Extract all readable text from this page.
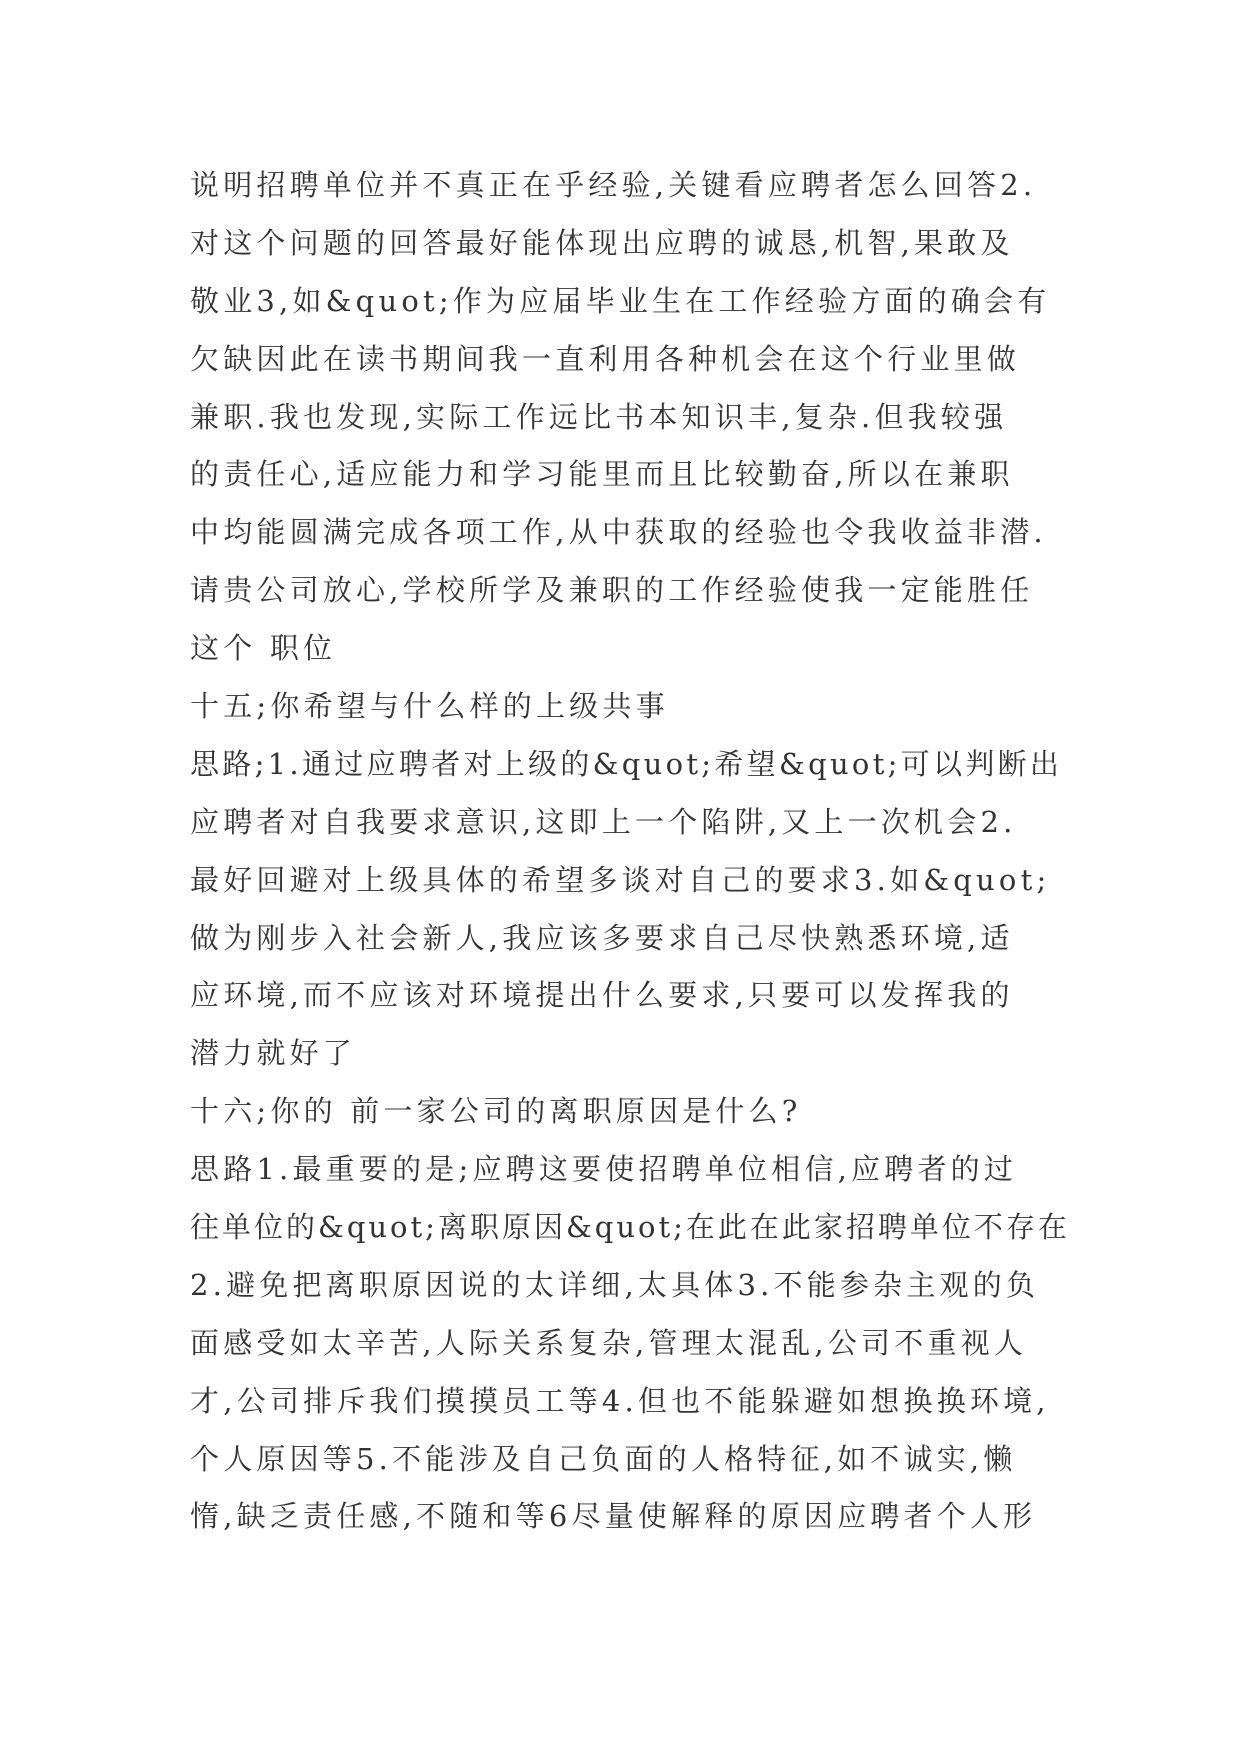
说明招聘单位并不真正在乎经验,关键看应聘者怎么回答2.
对这个问题的回答最好能体现出应聘的诚恳,机智,果敢及
敬业3,如&quot;作为应届毕业生在工作经验方面的确会有
欠缺因此在读书期间我一直利用各种机会在这个行业里做
兼职.我也发现,实际工作远比书本知识丰,复杂.但我较强
的责任心,适应能力和学习能里而且比较勤奋,所以在兼职
中均能圆满完成各项工作,从中获取的经验也令我收益非潜.
请贵公司放心,学校所学及兼职的工作经验使我一定能胜任
这个 职位
十五;你希望与什么样的上级共事
思路;1.通过应聘者对上级的&quot;希望&quot;可以判断出
应聘者对自我要求意识,这即上一个陷阱,又上一次机会2.
最好回避对上级具体的希望多谈对自己的要求3.如&quot;
做为刚步入社会新人,我应该多要求自己尽快熟悉环境,适
应环境,而不应该对环境提出什么要求,只要可以发挥我的
潜力就好了
十六;你的 前一家公司的离职原因是什么?
思路1.最重要的是;应聘这要使招聘单位相信,应聘者的过
往单位的&quot;离职原因&quot;在此在此家招聘单位不存在
2.避免把离职原因说的太详细,太具体3.不能参杂主观的负
面感受如太辛苦,人际关系复杂,管理太混乱,公司不重视人
才,公司排斥我们摸摸员工等4.但也不能躲避如想换换环境,
个人原因等5.不能涉及自己负面的人格特征,如不诚实,懒
惰,缺乏责任感,不随和等6尽量使解释的原因应聘者个人形
